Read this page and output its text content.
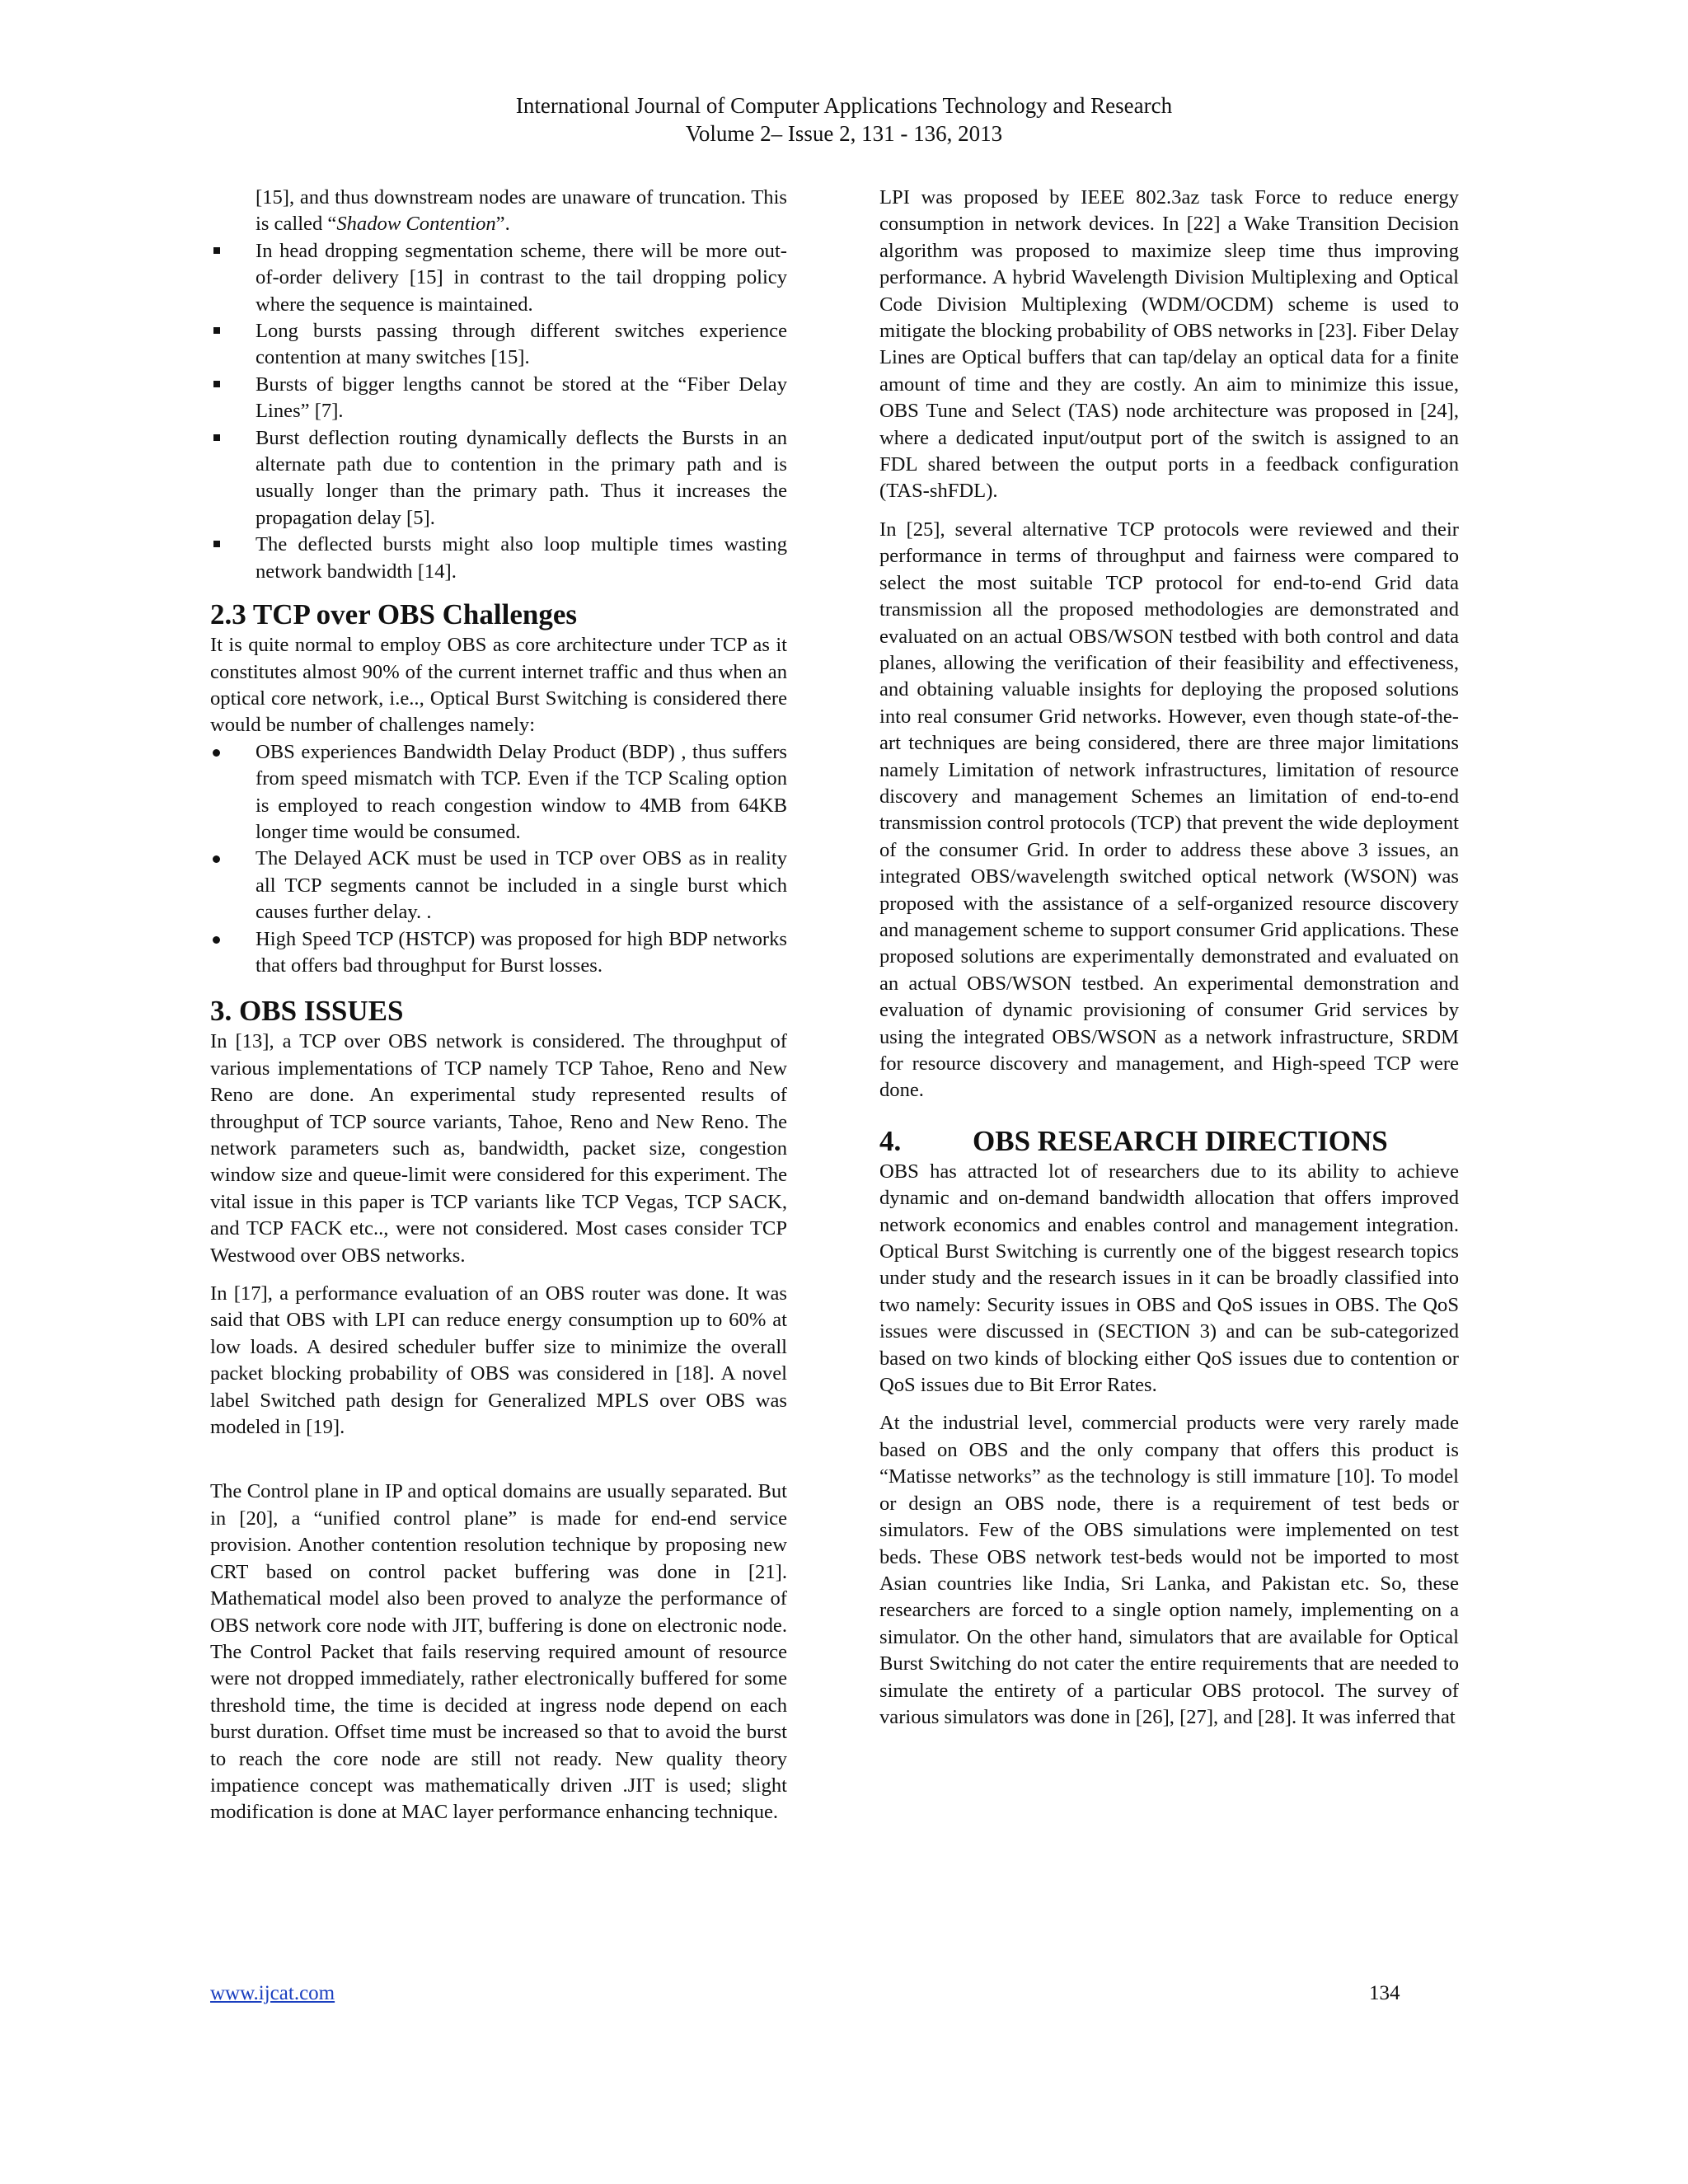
International Journal of Computer Applications Technology and Research
Volume 2– Issue 2, 131 - 136, 2013

[15], and thus downstream nodes are unaware of truncation. This is called “Shadow Contention”.

In head dropping segmentation scheme, there will be more out-of-order delivery [15] in contrast to the tail dropping policy where the sequence is maintained.
Long bursts passing through different switches experience contention at many switches [15].
Bursts of bigger lengths cannot be stored at the “Fiber Delay Lines” [7].
Burst deflection routing dynamically deflects the Bursts in an alternate path due to contention in the primary path and is usually longer than the primary path. Thus it increases the propagation delay [5].
The deflected bursts might also loop multiple times wasting network bandwidth [14].
2.3 TCP over OBS Challenges

It is quite normal to employ OBS as core architecture under TCP as it constitutes almost 90% of the current internet traffic and thus when an optical core network, i.e.., Optical Burst Switching is considered there would be number of challenges namely:

OBS experiences Bandwidth Delay Product (BDP) , thus suffers from speed mismatch with TCP. Even if the TCP Scaling option is employed to reach congestion window to 4MB from 64KB longer time would be consumed.
The Delayed ACK must be used in TCP over OBS as in reality all TCP segments cannot be included in a single burst which causes further delay. .
High Speed TCP (HSTCP) was proposed for high BDP networks that offers bad throughput for Burst losses.
3. OBS ISSUES

In [13], a TCP over OBS network is considered. The throughput of various implementations of TCP namely TCP Tahoe, Reno and New Reno are done. An experimental study represented results of throughput of TCP source variants, Tahoe, Reno and New Reno. The network parameters such as, bandwidth, packet size, congestion window size and queue-limit were considered for this experiment. The vital issue in this paper is TCP variants like TCP Vegas, TCP SACK, and TCP FACK etc.., were not considered. Most cases consider TCP Westwood over OBS networks.

In [17], a performance evaluation of an OBS router was done. It was said that OBS with LPI can reduce energy consumption up to 60% at low loads. A desired scheduler buffer size to minimize the overall packet blocking probability of OBS was considered in [18]. A novel label Switched path design for Generalized MPLS over OBS was modeled in [19].

The Control plane in IP and optical domains are usually separated. But in [20], a “unified control plane” is made for end-end service provision. Another contention resolution technique by proposing new CRT based on control packet buffering was done in [21]. Mathematical model also been proved to analyze the performance of OBS network core node with JIT, buffering is done on electronic node. The Control Packet that fails reserving required amount of resource were not dropped immediately, rather electronically buffered for some threshold time, the time is decided at ingress node depend on each burst duration. Offset time must be increased so that to avoid the burst to reach the core node are still not ready. New quality theory impatience concept was mathematically driven .JIT is used; slight modification is done at MAC layer performance enhancing technique.

LPI was proposed by IEEE 802.3az task Force to reduce energy consumption in network devices. In [22] a Wake Transition Decision algorithm was proposed to maximize sleep time thus improving performance. A hybrid Wavelength Division Multiplexing and Optical Code Division Multiplexing (WDM/OCDM) scheme is used to mitigate the blocking probability of OBS networks in [23]. Fiber Delay Lines are Optical buffers that can tap/delay an optical data for a finite amount of time and they are costly. An aim to minimize this issue, OBS Tune and Select (TAS) node architecture was proposed in [24], where a dedicated input/output port of the switch is assigned to an FDL shared between the output ports in a feedback configuration (TAS-shFDL).

In [25], several alternative TCP protocols were reviewed and their performance in terms of throughput and fairness were compared to select the most suitable TCP protocol for end-to-end Grid data transmission all the proposed methodologies are demonstrated and evaluated on an actual OBS/WSON testbed with both control and data planes, allowing the verification of their feasibility and effectiveness, and obtaining valuable insights for deploying the proposed solutions into real consumer Grid networks. However, even though state-of-the-art techniques are being considered, there are three major limitations namely Limitation of network infrastructures, limitation of resource discovery and management Schemes an limitation of end-to-end transmission control protocols (TCP) that prevent the wide deployment of the consumer Grid. In order to address these above 3 issues, an integrated OBS/wavelength switched optical network (WSON) was proposed with the assistance of a self-organized resource discovery and management scheme to support consumer Grid applications. These proposed solutions are experimentally demonstrated and evaluated on an actual OBS/WSON testbed. An experimental demonstration and evaluation of dynamic provisioning of consumer Grid services by using the integrated OBS/WSON as a network infrastructure, SRDM for resource discovery and management, and High-speed TCP were done.

4. OBS RESEARCH DIRECTIONS

OBS has attracted lot of researchers due to its ability to achieve dynamic and on-demand bandwidth allocation that offers improved network economics and enables control and management integration. Optical Burst Switching is currently one of the biggest research topics under study and the research issues in it can be broadly classified into two namely: Security issues in OBS and QoS issues in OBS. The QoS issues were discussed in (SECTION 3) and can be sub-categorized based on two kinds of blocking either QoS issues due to contention or QoS issues due to Bit Error Rates.

At the industrial level, commercial products were very rarely made based on OBS and the only company that offers this product is “Matisse networks” as the technology is still immature [10]. To model or design an OBS node, there is a requirement of test beds or simulators. Few of the OBS simulations were implemented on test beds. These OBS network test-beds would not be imported to most Asian countries like India, Sri Lanka, and Pakistan etc. So, these researchers are forced to a single option namely, implementing on a simulator. On the other hand, simulators that are available for Optical Burst Switching do not cater the entire requirements that are needed to simulate the entirety of a particular OBS protocol. The survey of various simulators was done in [26], [27], and [28]. It was inferred that

www.ijcat.com	134
